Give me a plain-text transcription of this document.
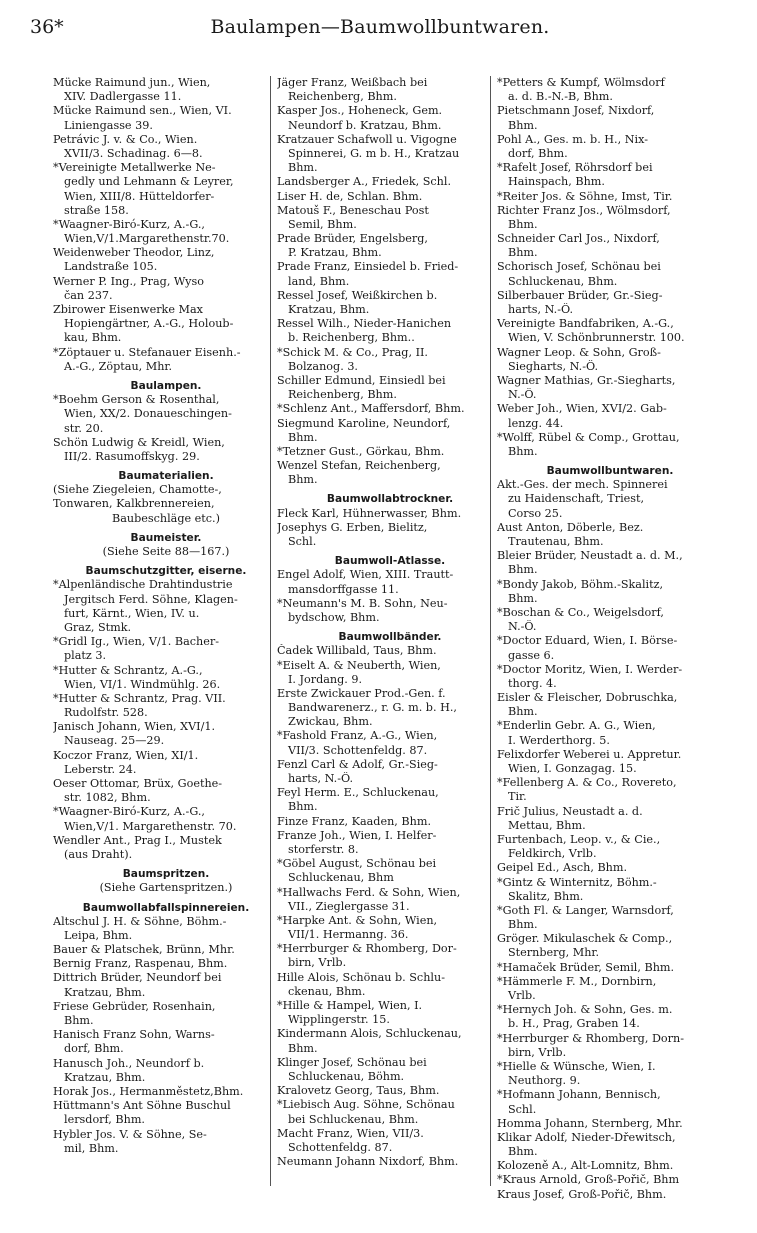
36*	Baulampen—Baumwollbuntwaren.
Mücke Raimund jun., Wien,
XIV. Dadlergasse 11.
Mücke Raimund sen., Wien, VI.
Liniengasse 39.
Petrávic J. v. & Co., Wien.
XVII/3. Schadinag. 6—8.
*Vereinigte Metallwerke Ne-
gedly und Lehmann & Leyrer,
Wien, XIII/8. Hütteldorfer-
straße 158.
*Waagner-Biró-Kurz, A.-G.,
Wien,V/1.Margarethenstr.70.
Weidenweber Theodor, Linz,
Landstraße 105.
Werner P. Ing., Prag, Wyso
čan 237.
Zbirower Eisenwerke Max
Hopiengärtner, A.-G., Holoub-
kau, Bhm.
*Zöptauer u. Stefanauer Eisenh.-
A.-G., Zöptau, Mhr.
Baulampen.
*Boehm Gerson & Rosenthal,
Wien, XX/2. Donaueschingen-
str. 20.
Schön Ludwig & Kreidl, Wien,
III/2. Rasumoffskyg. 29.
Baumaterialien.
(Siehe Ziegeleien, Chamotte-,
Tonwaren, Kalkbrennereien,
Baubeschläge etc.)
Baumeister.
(Siehe Seite 88—167.)
Baumschutzgitter, eiserne.
*Alpenländische Drahtindustrie
Jergitsch Ferd. Söhne, Klagen-
furt, Kärnt., Wien, IV. u.
Graz, Stmk.
*Gridl Ig., Wien, V/1. Bacher-
platz 3.
*Hutter & Schrantz, A.-G.,
Wien, VI/1. Windmühlg. 26.
*Hutter & Schrantz, Prag. VII.
Rudolfstr. 528.
Janisch Johann, Wien, XVI/1.
Nauseag. 25—29.
Koczor Franz, Wien, XI/1.
Leberstr. 24.
Oeser Ottomar, Brüx, Goethe-
str. 1082, Bhm.
*Waagner-Biró-Kurz, A.-G.,
Wien,V/1. Margarethenstr. 70.
Wendler Ant., Prag I., Mustek
(aus Draht).
Baumspritzen.
(Siehe Gartenspritzen.)
Baumwollabfallspinnereien.
Altschul J. H. & Söhne, Böhm.-
Leipa, Bhm.
Bauer & Platschek, Brünn, Mhr.
Bernig Franz, Raspenau, Bhm.
Dittrich Brüder, Neundorf bei
Kratzau, Bhm.
Friese Gebrüder, Rosenhain,
Bhm.
Hanisch Franz Sohn, Warns-
dorf, Bhm.
Hanusch Joh., Neundorf b.
Kratzau, Bhm.
Horak Jos., Hermanměstetz,Bhm.
Hüttmann's Ant Söhne Buschul
lersdorf, Bhm.
Hybler Jos. V. & Söhne, Se-
mil, Bhm.
Jäger Franz, Weißbach bei
Reichenberg, Bhm.
Kasper Jos., Hoheneck, Gem.
Neundorf b. Kratzau, Bhm.
Kratzauer Schafwoll u. Vigogne
Spinnerei, G. m b. H., Kratzau
Bhm.
Landsberger A., Friedek, Schl.
Liser H. de, Schlan. Bhm.
Matouš F., Beneschau Post
Semil, Bhm.
Prade Brüder, Engelsberg,
P. Kratzau, Bhm.
Prade Franz, Einsiedel b. Fried-
land, Bhm.
Ressel Josef, Weißkirchen b.
Kratzau, Bhm.
Ressel Wilh., Nieder-Hanichen
b. Reichenberg, Bhm..
*Schick M. & Co., Prag, II.
Bolzanog. 3.
Schiller Edmund, Einsiedl bei
Reichenberg, Bhm.
*Schlenz Ant., Maffersdorf, Bhm.
Siegmund Karoline, Neundorf,
Bhm.
*Tetzner Gust., Görkau, Bhm.
Wenzel Stefan, Reichenberg,
Bhm.
Baumwollabtrockner.
Fleck Karl, Hühnerwasser, Bhm.
Josephys G. Erben, Bielitz,
Schl.
Baumwoll-Atlasse.
Engel Adolf, Wien, XIII. Trautt-
mansdorffgasse 11.
*Neumann's M. B. Sohn, Neu-
bydschow, Bhm.
Baumwollbänder.
Čadek Willibald, Taus, Bhm.
*Eiselt A. & Neuberth, Wien,
I. Jordang. 9.
Erste Zwickauer Prod.-Gen. f.
Bandwarenerz., r. G. m. b. H.,
Zwickau, Bhm.
*Fashold Franz, A.-G., Wien,
VII/3. Schottenfeldg. 87.
Fenzl Carl & Adolf, Gr.-Sieg-
harts, N.-Ö.
Feyl Herm. E., Schluckenau,
Bhm.
Finze Franz, Kaaden, Bhm.
Franze Joh., Wien, I. Helfer-
storferstr. 8.
*Göbel August, Schönau bei
Schluckenau, Bhm
*Hallwachs Ferd. & Sohn, Wien,
VII., Zieglergasse 31.
*Harpke Ant. & Sohn, Wien,
VII/1. Hermanng. 36.
*Herrburger & Rhomberg, Dor-
birn, Vrlb.
Hille Alois, Schönau b. Schlu-
ckenau, Bhm.
*Hille & Hampel, Wien, I.
Wipplingerstr. 15.
Kindermann Alois, Schluckenau,
Bhm.
Klinger Josef, Schönau bei
Schluckenau, Böhm.
Kralovetz Georg, Taus, Bhm.
*Liebisch Aug. Söhne, Schönau
bei Schluckenau, Bhm.
Macht Franz, Wien, VII/3.
Schottenfeldg. 87.
Neumann Johann Nixdorf, Bhm.
*Petters & Kumpf, Wölmsdorf
a. d. B.-N.-B, Bhm.
Pietschmann Josef, Nixdorf,
Bhm.
Pohl A., Ges. m. b. H., Nix-
dorf, Bhm.
*Rafelt Josef, Röhrsdorf bei
Hainspach, Bhm.
*Reiter Jos. & Söhne, Imst, Tir.
Richter Franz Jos., Wölmsdorf,
Bhm.
Schneider Carl Jos., Nixdorf,
Bhm.
Schorisch Josef, Schönau bei
Schluckenau, Bhm.
Silberbauer Brüder, Gr.-Sieg-
harts, N.-Ö.
Vereinigte Bandfabriken, A.-G.,
Wien, V. Schönbrunnerstr. 100.
Wagner Leop. & Sohn, Groß-
Siegharts, N.-Ö.
Wagner Mathias, Gr.-Siegharts,
N.-Ö.
Weber Joh., Wien, XVI/2. Gab-
lenzg. 44.
*Wolff, Rübel & Comp., Grottau,
Bhm.
Baumwollbuntwaren.
Akt.-Ges. der mech. Spinnerei
zu Haidenschaft, Triest,
Corso 25.
Aust Anton, Döberle, Bez.
Trautenau, Bhm.
Bleier Brüder, Neustadt a. d. M.,
Bhm.
*Bondy Jakob, Böhm.-Skalitz,
Bhm.
*Boschan & Co., Weigelsdorf,
N.-Ö.
*Doctor Eduard, Wien, I. Börse-
gasse 6.
*Doctor Moritz, Wien, I. Werder-
thorg. 4.
Eisler & Fleischer, Dobruschka,
Bhm.
*Enderlin Gebr. A. G., Wien,
I. Werderthorg. 5.
Felixdorfer Weberei u. Appretur.
Wien, I. Gonzagag. 15.
*Fellenberg A. & Co., Rovereto,
Tir.
Frič Julius, Neustadt a. d.
Mettau, Bhm.
Furtenbach, Leop. v., & Cie.,
Feldkirch, Vrlb.
Geipel Ed., Asch, Bhm.
*Gintz & Winternitz, Böhm.-
Skalitz, Bhm.
*Goth Fl. & Langer, Warnsdorf,
Bhm.
Gröger. Mikulaschek & Comp.,
Sternberg, Mhr.
*Hamaček Brüder, Semil, Bhm.
*Hämmerle F. M., Dornbirn,
Vrlb.
*Hernych Joh. & Sohn, Ges. m.
b. H., Prag, Graben 14.
*Herrburger & Rhomberg, Dorn-
birn, Vrlb.
*Hielle & Wünsche, Wien, I.
Neuthorg. 9.
*Hofmann Johann, Bennisch,
Schl.
Homma Johann, Sternberg, Mhr.
Klikar Adolf, Nieder-Dřewitsch,
Bhm.
Kolozeně A., Alt-Lomnitz, Bhm.
*Kraus Arnold, Groß-Pořič, Bhm
Kraus Josef, Groß-Pořič, Bhm.
